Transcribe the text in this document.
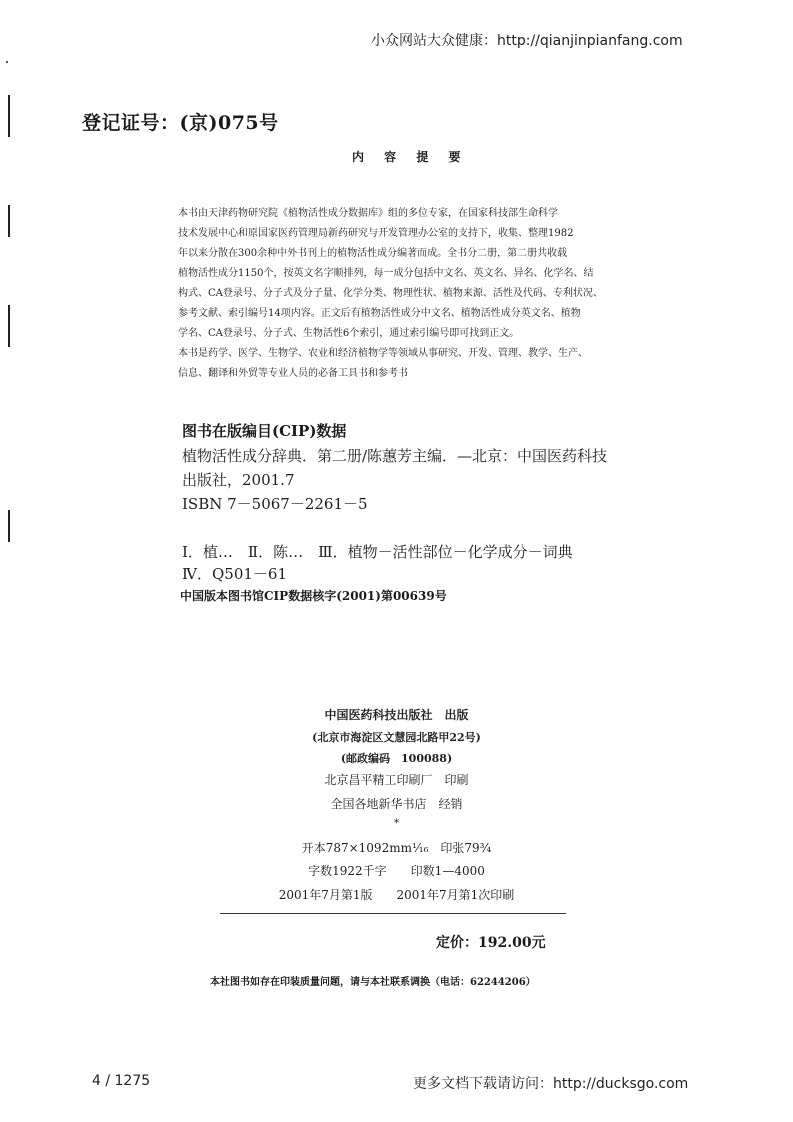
小众网站大众健康：http://qianjinpianfang.com
登记证号：(京)075号
内 容 提 要

本书由天津药物研究院《植物活性成分数据库》组的多位专家，在国家科技部生命科学

技术发展中心和原国家医药管理局新药研究与开发管理办公室的支持下，收集、整理1982

年以来分散在300余种中外书刊上的植物活性成分编著而成。全书分二册，第二册共收载

植物活性成分1150个，按英文名字顺排列，每一成分包括中文名、英文名、异名、化学名、结

构式、CA登录号、分子式及分子量、化学分类、物理性状、植物来源、活性及代码、专利状况、

参考文献、索引编号14项内容。正文后有植物活性成分中文名、植物活性成分英文名、植物

学名、CA登录号、分子式、生物活性6个索引，通过索引编号即可找到正文。

本书是药学、医学、生物学、农业和经济植物学等领域从事研究、开发、管理、教学、生产、

信息、翻译和外贸等专业人员的必备工具书和参考书

图书在版编目(CIP)数据
植物活性成分辞典．第二册/陈蕙芳主编．—北京：中国医药科技
出版社，2001.7
ISBN 7－5067－2261－5
Ⅰ．植…　Ⅱ．陈…　Ⅲ．植物－活性部位－化学成分－词典
Ⅳ．Q501－61
中国版本图书馆CIP数据核字(2001)第00639号
中国医药科技出版社　出版
(北京市海淀区文慧园北路甲22号)
(邮政编码　100088)
北京昌平精工印刷厂　印刷
全国各地新华书店　经销
*
开本787×1092mm⅟₁₆　印张79¾
字数1922千字　　印数1—4000
2001年7月第1版　　2001年7月第1次印刷
定价：192.00元
本社图书如存在印装质量问题，请与本社联系调换（电话：62244206）
4 / 1275	更多文档下载请访问：http://ducksgo.com
